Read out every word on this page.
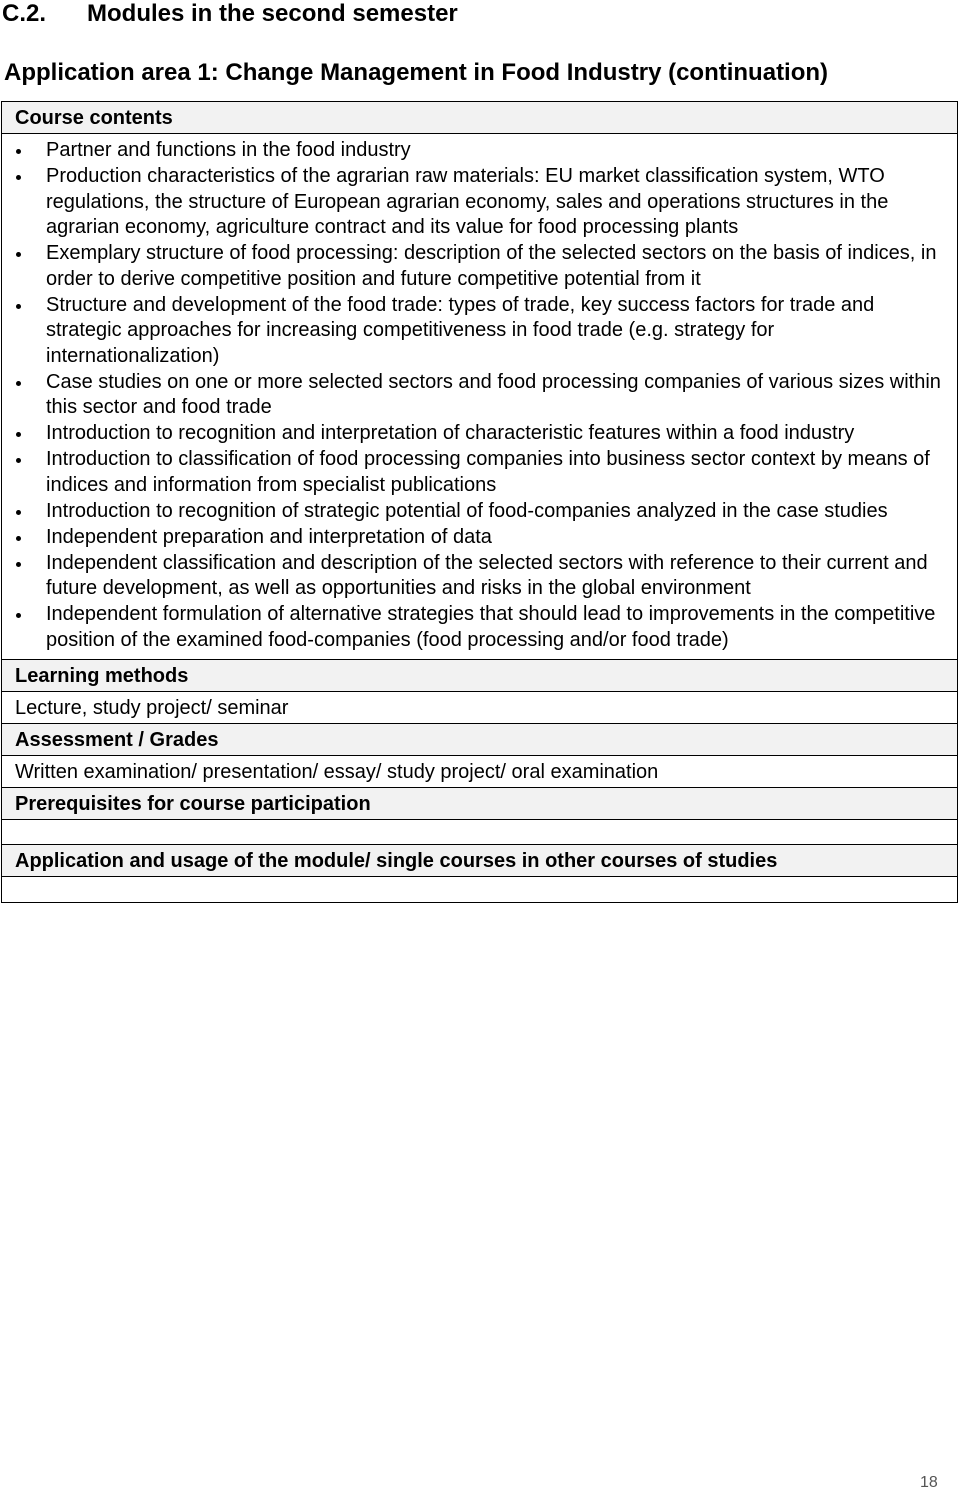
C.2. Modules in the second semester
Application area 1: Change Management in Food Industry (continuation)
Course contents
Partner and functions in the food industry
Production characteristics of the agrarian raw materials: EU market classification system, WTO regulations, the structure of European agrarian economy, sales and operations structures in the agrarian economy, agriculture contract and its value for food processing plants
Exemplary structure of food processing: description of the selected sectors on the basis of indices, in order to derive competitive position and future competitive potential from it
Structure and development of the food trade: types of trade, key success factors for trade and strategic approaches for increasing competitiveness in food trade (e.g. strategy for internationalization)
Case studies on one or more selected sectors and food processing companies of various sizes within this sector and food trade
Introduction to recognition and interpretation of characteristic features within a food industry
Introduction to classification of food processing companies into business sector context by means of indices and information from specialist publications
Introduction to recognition of strategic potential of food-companies analyzed in the case studies
Independent preparation and interpretation of data
Independent classification and description of the selected sectors with reference to their current and future development, as well as opportunities and risks in the global environment
Independent formulation of alternative strategies that should lead to improvements in the competitive position of the examined food-companies (food processing and/or food trade)
Learning methods
Lecture, study project/ seminar
Assessment / Grades
Written examination/ presentation/ essay/ study project/ oral examination
Prerequisites for course participation
Application and usage of the module/ single courses in other courses of studies
18
